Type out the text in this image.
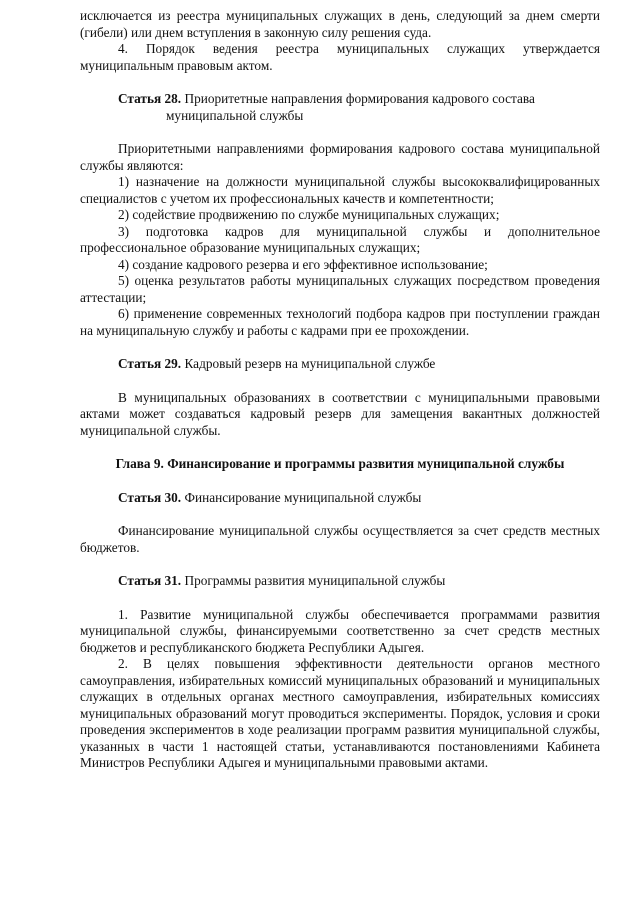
исключается из реестра муниципальных служащих в день, следующий за днем смерти (гибели) или днем вступления в законную силу решения суда.

4. Порядок ведения реестра муниципальных служащих утверждается муниципальным правовым актом.

Статья 28. Приоритетные направления формирования кадрового состава муниципальной службы

Приоритетными направлениями формирования кадрового состава муниципальной службы являются:

1) назначение на должности муниципальной службы высококвалифицированных специалистов с учетом их профессиональных качеств и компетентности;

2) содействие продвижению по службе муниципальных служащих;

3) подготовка кадров для муниципальной службы и дополнительное профессиональное образование муниципальных служащих;

4) создание кадрового резерва и его эффективное использование;

5) оценка результатов работы муниципальных служащих посредством проведения аттестации;

6) применение современных технологий подбора кадров при поступлении граждан на муниципальную службу и работы с кадрами при ее прохождении.

Статья 29. Кадровый резерв на муниципальной службе

В муниципальных образованиях в соответствии с муниципальными правовыми актами может создаваться кадровый резерв для замещения вакантных должностей муниципальной службы.

Глава 9. Финансирование и программы развития муниципальной службы

Статья 30. Финансирование муниципальной службы

Финансирование муниципальной службы осуществляется за счет средств местных бюджетов.

Статья 31. Программы развития муниципальной службы

1. Развитие муниципальной службы обеспечивается программами развития муниципальной службы, финансируемыми соответственно за счет средств местных бюджетов и республиканского бюджета Республики Адыгея.

2. В целях повышения эффективности деятельности органов местного самоуправления, избирательных комиссий муниципальных образований и муниципальных служащих в отдельных органах местного самоуправления, избирательных комиссиях муниципальных образований могут проводиться эксперименты. Порядок, условия и сроки проведения экспериментов в ходе реализации программ развития муниципальной службы, указанных в части 1 настоящей статьи, устанавливаются постановлениями Кабинета Министров Республики Адыгея и муниципальными правовыми актами.
